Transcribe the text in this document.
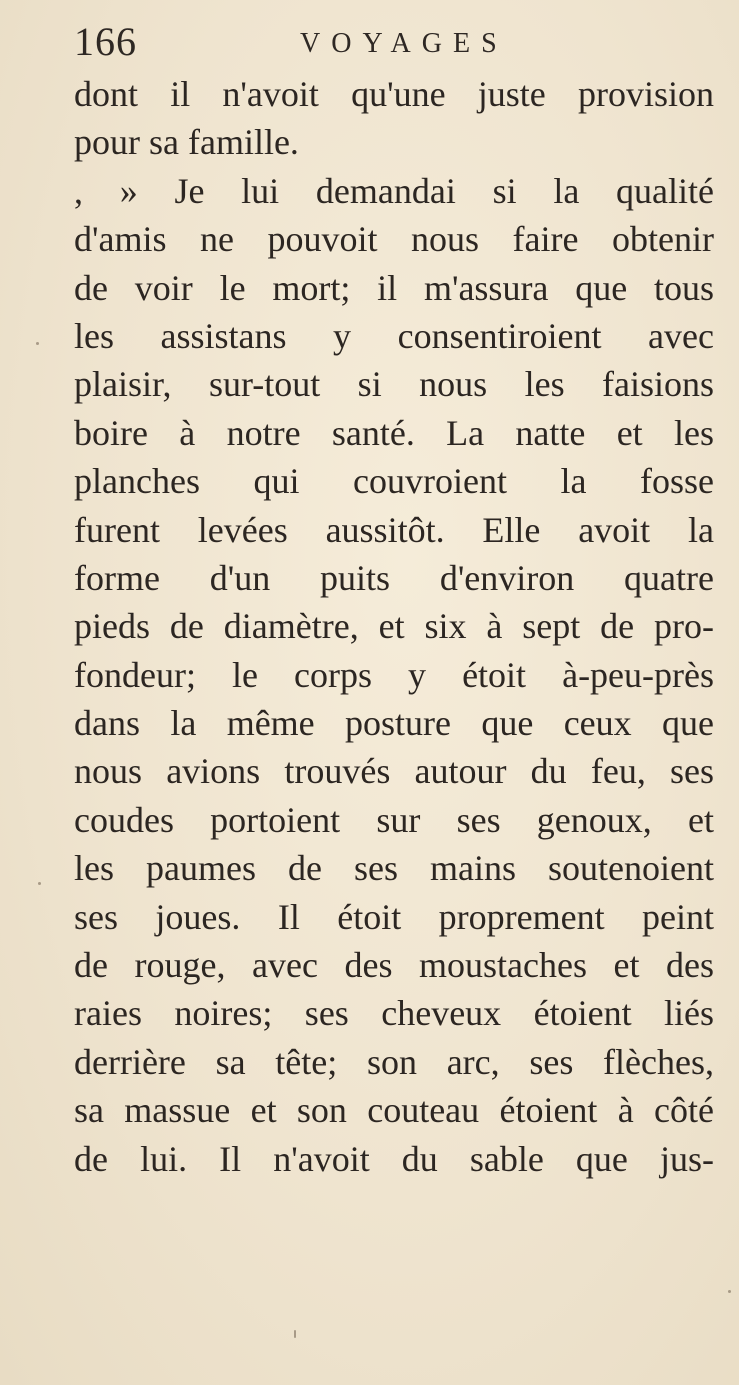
166	VOYAGES
dont il n'avoit qu'une juste provision
pour sa famille.
, » Je lui demandai si la qualité
d'amis ne pouvoit nous faire obtenir
de voir le mort; il m'assura que tous
les assistans y consentiroient avec
plaisir, sur-tout si nous les faisions
boire à notre santé. La natte et les
planches qui couvroient la fosse
furent levées aussitôt. Elle avoit la
forme d'un puits d'environ quatre
pieds de diamètre, et six à sept de pro-
fondeur; le corps y étoit à-peu-près
dans la même posture que ceux que
nous avions trouvés autour du feu, ses
coudes portoient sur ses genoux, et
les paumes de ses mains soutenoient
ses joues. Il étoit proprement peint
de rouge, avec des moustaches et des
raies noires; ses cheveux étoient liés
derrière sa tête; son arc, ses flèches,
sa massue et son couteau étoient à côté
de lui. Il n'avoit du sable que jus-
